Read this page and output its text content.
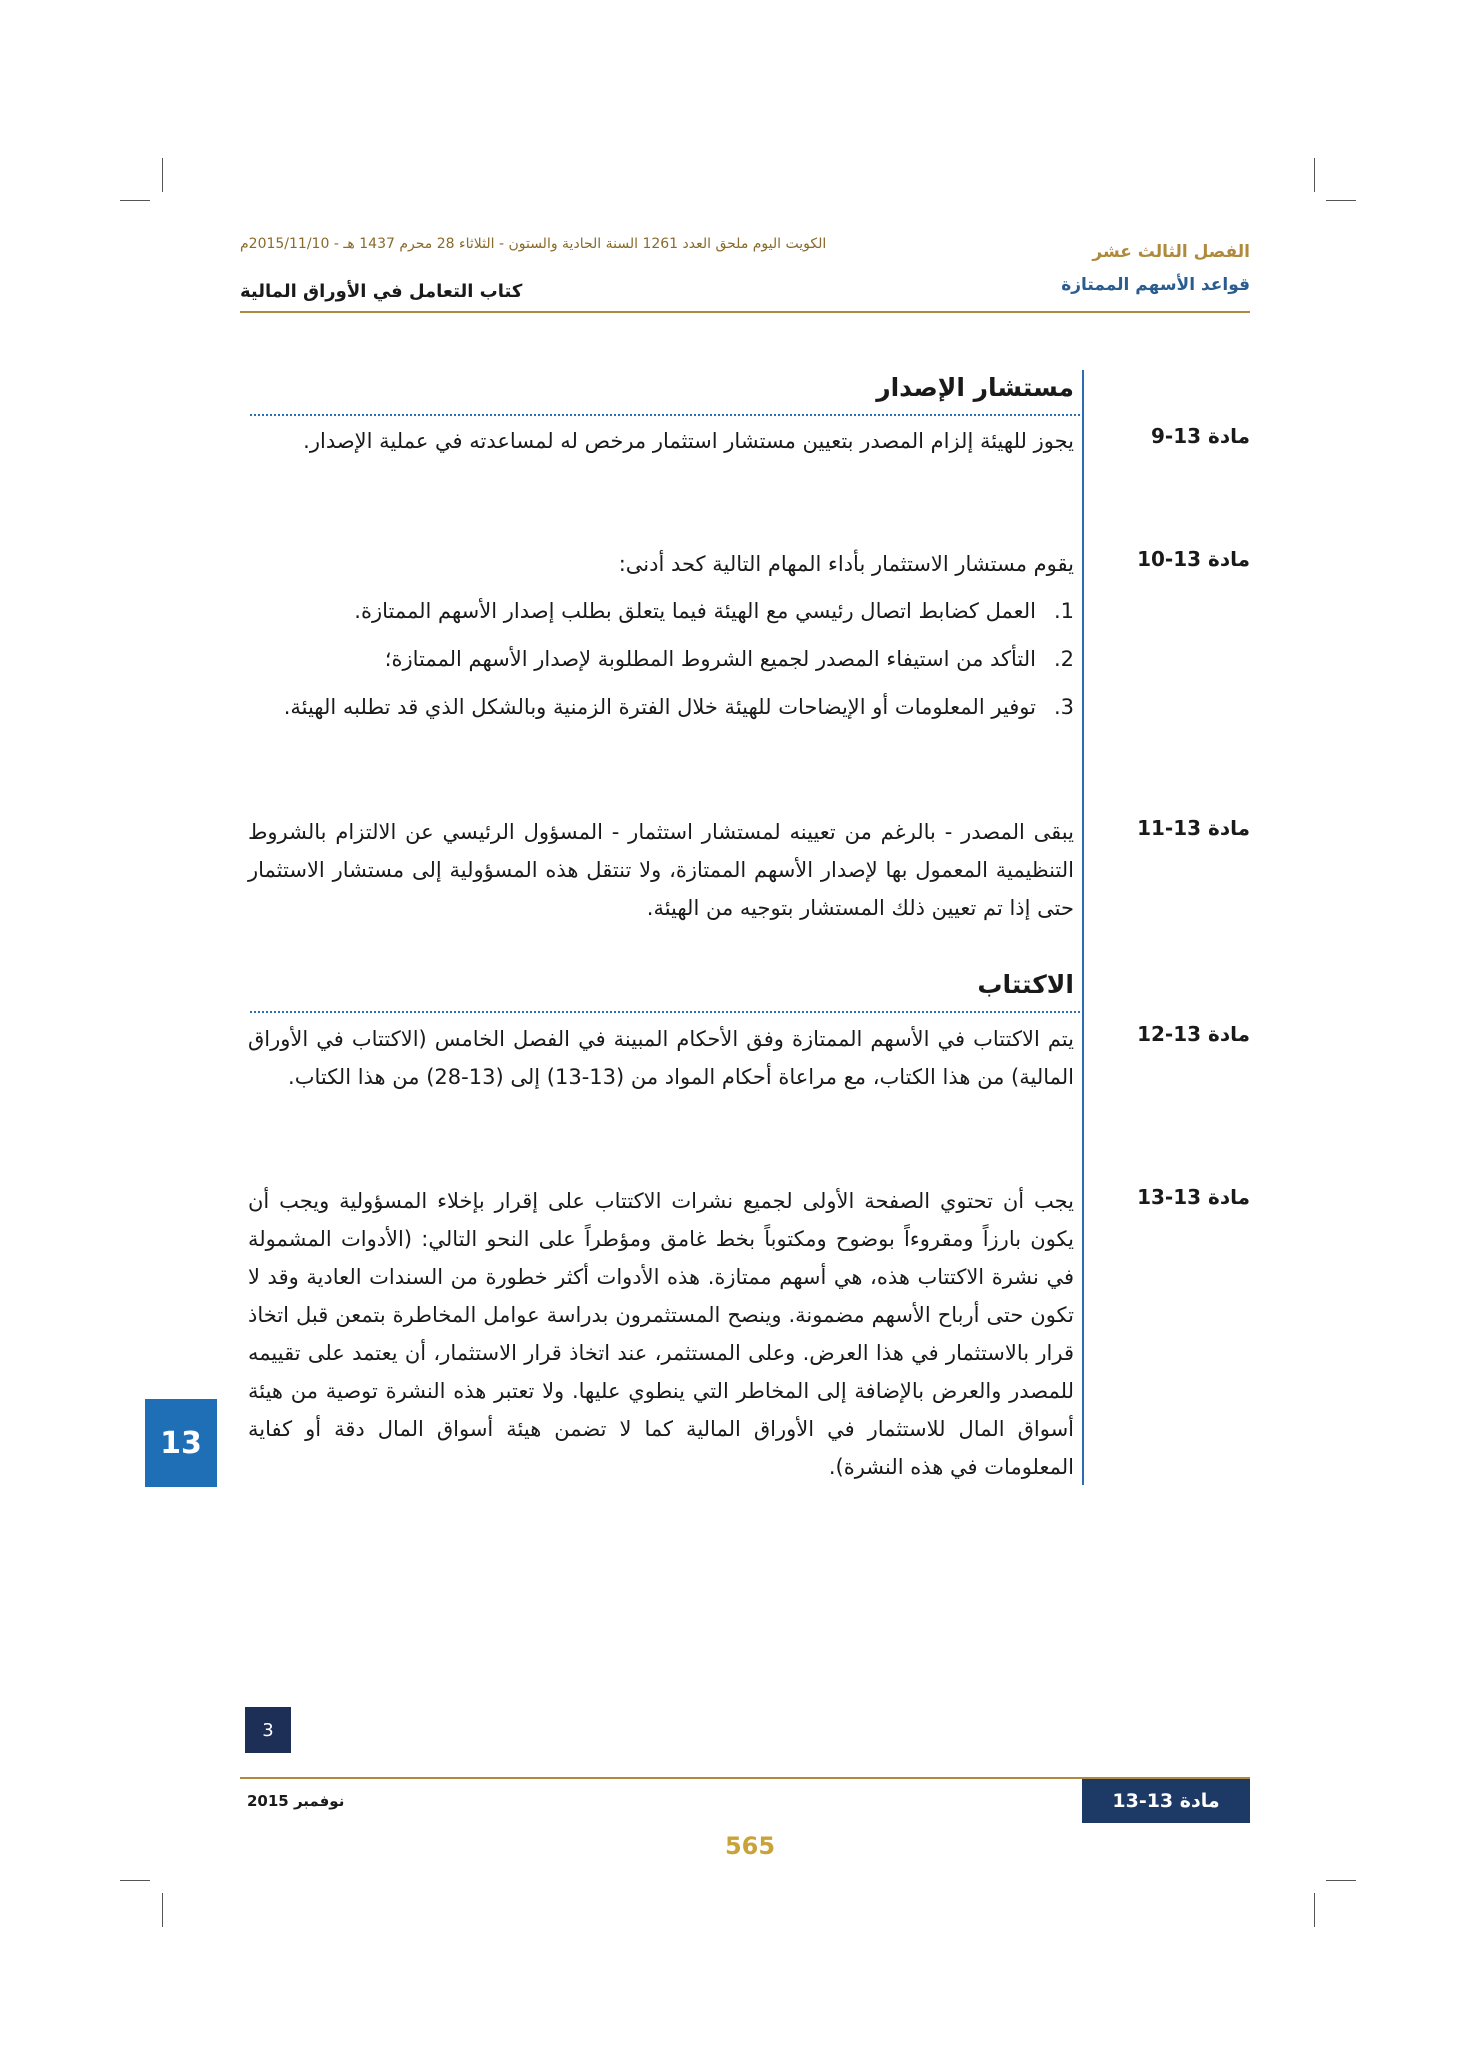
الكويت اليوم ملحق العدد 1261 السنة الحادية والستون - الثلاثاء 28 محرم 1437 هـ - 2015/11/10م	الفصل الثالث عشر
قواعد الأسهم الممتازة
كتاب التعامل في الأوراق المالية
مستشار الإصدار
مادة 9-13

يجوز للهيئة إلزام المصدر بتعيين مستشار استثمار مرخص له لمساعدته في عملية الإصدار.

مادة 10-13

يقوم مستشار الاستثمار بأداء المهام التالية كحد أدنى:

1.
العمل كضابط اتصال رئيسي مع الهيئة فيما يتعلق بطلب إصدار الأسهم الممتازة.
2.
التأكد من استيفاء المصدر لجميع الشروط المطلوبة لإصدار الأسهم الممتازة؛
3.
توفير المعلومات أو الإيضاحات للهيئة خلال الفترة الزمنية وبالشكل الذي قد تطلبه الهيئة.
مادة 11-13

يبقى المصدر - بالرغم من تعيينه لمستشار استثمار - المسؤول الرئيسي عن الالتزام بالشروط التنظيمية المعمول بها لإصدار الأسهم الممتازة، ولا تنتقل هذه المسؤولية إلى مستشار الاستثمار حتى إذا تم تعيين ذلك المستشار بتوجيه من الهيئة.

الاكتتاب
مادة 12-13

يتم الاكتتاب في الأسهم الممتازة وفق الأحكام المبينة في الفصل الخامس (الاكتتاب في الأوراق المالية) من هذا الكتاب، مع مراعاة أحكام المواد من (13-13) إلى (13-28) من هذا الكتاب.

مادة 13-13

يجب أن تحتوي الصفحة الأولى لجميع نشرات الاكتتاب على إقرار بإخلاء المسؤولية ويجب أن يكون بارزاً ومقروءاً بوضوح ومكتوباً بخط غامق ومؤطراً على النحو التالي: (الأدوات المشمولة في نشرة الاكتتاب هذه، هي أسهم ممتازة. هذه الأدوات أكثر خطورة من السندات العادية وقد لا تكون حتى أرباح الأسهم مضمونة. وينصح المستثمرون بدراسة عوامل المخاطرة بتمعن قبل اتخاذ قرار بالاستثمار في هذا العرض. وعلى المستثمر، عند اتخاذ قرار الاستثمار، أن يعتمد على تقييمه للمصدر والعرض بالإضافة إلى المخاطر التي ينطوي عليها. ولا تعتبر هذه النشرة توصية من هيئة أسواق المال للاستثمار في الأوراق المالية كما لا تضمن هيئة أسواق المال دقة أو كفاية المعلومات في هذه النشرة).

13
3
نوفمبر 2015	مادة 13-13
565
